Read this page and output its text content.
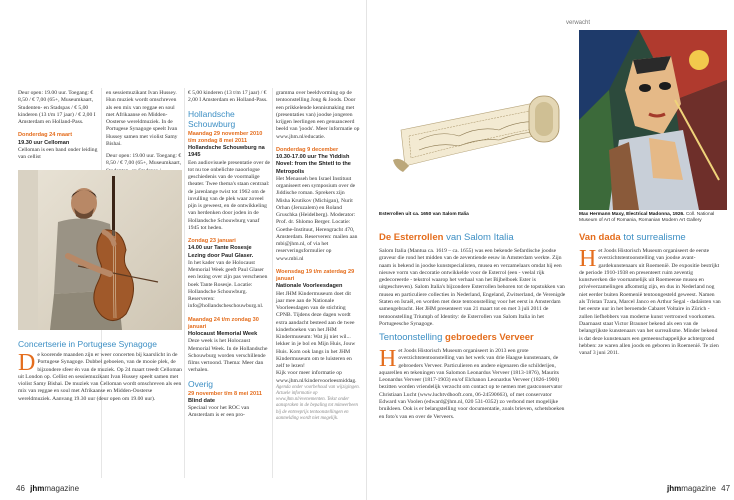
Deur open: 19.00 uur. Toegang: € 8,50 / € 7,00 (65+, Museumkaart, Studenten- en Stadspas / € 5,00 kinderen (13 t/m 17 jaar) / € 2,00 I Amsterdam en Holland-Pass.

Donderdag 24 maart
19.30 uur Celloman

Celloman is een band onder leiding van cellist

en sessiemuzikant Ivan Hussey. Hun muziek wordt omschreven als een mix van reggae en soul met Afrikaanse en Midden-Oosterse wereldmuziek. In de Portugese Synagoge speelt Ivan Hussey samen met violist Samy Bishai.

Deur open: 19.00 uur. Toegang: € 8,50 / € 7,00 (65+, Museumkaart,

Concertserie in Portugese Synagoge
D e koorende maanden zijn er weer concerten bij kaarslicht in de Portugese Synagoge. Dubbel geboeien, van de mooie plek, de bijzondere sfeer én van de muziek. Op 24 maart treedt Celloman uit London op. Cellist en sessiemuzikant Ivan Hussey speelt samen met violist Samy Bishai. De muziek van Celloman wordt omschreven als een mix van reggae en soul met Afrikaanse en Midden-Oosterse wereldmuziek. Aanvang 19.30 uur (deur open om 19.00 uur).

€ 5,00 kinderen (13 t/m 17 jaar) / € 2,00 I Amsterdam en Holland-Pass.

Hollandsche Schouwburg
Maandag 29 november 2010 t/m zondag 8 mei 2011
Hollandsche Schouwburg na 1945

Een audiovisuele presentatie over de tot nu toe onbelichte naoorlogse geschiedenis van de voormalige theater. Twee thema's staan centraal: de jarenlange twist tot 1962 om de invulling van de plek waar zoveel pijn is geweest, en de ontwikkeling van herdenken door joden in de Hollandsche Schouwburg vanaf 1945 tot heden.

Zondag 23 januari
14.00 uur Tante Rosesje Lezing door Paul Glaser.

In het kader van de Holocaust Memorial Week geeft Paul Glaser een lezing over zijn pas verschenen boek Tante Rosesje. Locatie: Hollandsche Schouwburg. Reserveren: info@hollandscheschouwburg.nl.

Maandag 24 t/m zondag 30 januari
Holocaust Memorial Week

Deze week is het Holocaust Memorial Week. In de Hollandsche Schouwburg worden verschillende films vertoond. Thema: Meer dan verhalen.

Overig
29 november t/m 8 mei 2011
Blind date

Speciaal voor het ROC van Amsterdam is er een pro-

gramma over beeldvorming op de tentoonstelling Jong & Joods. Door een prikkelende kennismaking met (presentaties van) joodse jongeren krijgen leerlingen een genuanceerd beeld van 'joods'. Meer informatie op www.jhm.nl/educatie.

Donderdag 9 december
10.30-17.00 uur The Yiddish Novel: from the Shtetl to the Metropolis

Het Menasseh ben Israel Instituut organiseert een symposium over de Jiddische roman. Sprekers zijn Misha Krutikov (Michigan), Nurit Orhan (Jeruzalem) en Roland Gruschka (Heidelberg). Moderator: Prof. dr. Shlomo Berger. Locatie: Goethe-Instituut, Herengracht 470, Amsterdam. Reserveren: mailen aan mbi@jhm.nl, of via het reserveringsformulier op www.mbi.nl

Woensdag 19 t/m zaterdag 29 januari
Nationale Voorleesdagen

Het JHM Kindermuseum doet dit jaar mee aan de Nationale Voorleesdagen van de stichting CPNB. Tijdens deze dagen wordt extra aandacht besteed aan de twee kinderboeken van het JHM Kindermuseum: Wat jij niet wil... lekker in je bol en Mijn Huis, Jouw Huis. Kom ook langs in het JHM Kindermuseum om te luisteren en zelf te lezen!

Kijk voor meer informatie op www.jhm.nl/kindervoorleesmiddag.

Agenda onder voorbehoud van wijzigingen. Actuele informatie op www.jhm.nl/evenementen. Tekst onder aanspraken in de bepaling tot mimeerbeen bij de entreeprijs tentoonstellingen en aanmelding wordt niet mogelijk.

46 jhmmagazine
verwacht
Esterrollen uit ca. 1650 van Salom Italia	Max Hermann Maxy, Electrical Madonna, 1926. Coll. National Museum of Art of Romania, Romanian Modern Art Gallery
De Esterrollen van Salom Italia

Salom Italia (Mantua ca. 1619 – ca. 1655) was een bekende Sefardische joodse graveur die rond het midden van de zeventiende eeuw in Amsterdam werkte. Zijn naam is bekend in joodse kunstspecialisten, musea en verzamelaars omdat hij een nieuwe vorm van decoratie ontwikkelde voor de Esterrol (een - veelal rijk gedecoreerde - tekstrol waarop het verhaal van het Bijbelboek Ester is uitgeschreven). Salom Italia's bijzondere Esterrollen behoren tot de topstukken van musea en particuliere collecties in Nederland, Engeland, Zwitserland, de Verenigde Staten en Israël, en worden met deze tentoonstelling voor het eerst in Amsterdam samengebracht. Het JHM presenteert van 21 maart tot en met 3 juli 2011 de tentoonstelling Triumph of Identity: de Esterrollen van Salom Italia in het Portugeesche Synagoge.

Tentoonstelling gebroeders Verveer
H et Joods Historisch Museum organiseert in 2013 een grote overzichtstentoonstelling van het werk van drie Haagse kunstenaars, de gebroeders Verveer. Particulieren en andere eigenaren die schilderijen, aquarellen en tekeningen van Salomon Leonardus Verveer (1813-1876), Maurits Leonardus Verveer (1817-1903) en/of Elchanon Leonardus Verveer (1826-1900) bezitten worden vriendelijk verzocht om contact op te nemen met gastconservator Christiaan Lucht (www.luchtvdhooft.com, 06-24590663), of met conservator Edward van Voolen (edward@jhm.nl, 020 531-0352) zo verbond met mogelijke bruikleen. Ook is er belangstelling voor documentatie, zoals brieven, schetsboeken en foto's van en over de Verveers.
Van dada tot surrealisme
H et Joods Historisch Museum organiseert de eerste overzichtstentoonstelling van joodse avant-gardekunstenaars uit Roemenië. De expositie bestrijkt de periode 1910-1938 en presenteert ruim zeventig kunstwerken die voornamelijk uit Roemeense musea en privéverzamelingen afkomstig zijn, en dus in Nederland nog niet eerder buiten Roemenië tentoongesteld geweest. Namen als Tristan Tzara, Marcel Janco en Arthur Segal - dadaïsten van het eerste uur in het beroemde Cabaret Voltaire in Zürich - zullen liefhebbers van moderne kunst vertrouwd voorkomen. Daarnaast staat Victor Brauner bekend als een van de belangrijkste kunstenaars van het surrealisme. Minder bekend is dat deze kunstenaars een gemeenschappelijke achtergrond hebben: ze waren allen joods en geboren in Roemenië. Te zien vanaf 3 juni 2011.
jhmmagazine 47
